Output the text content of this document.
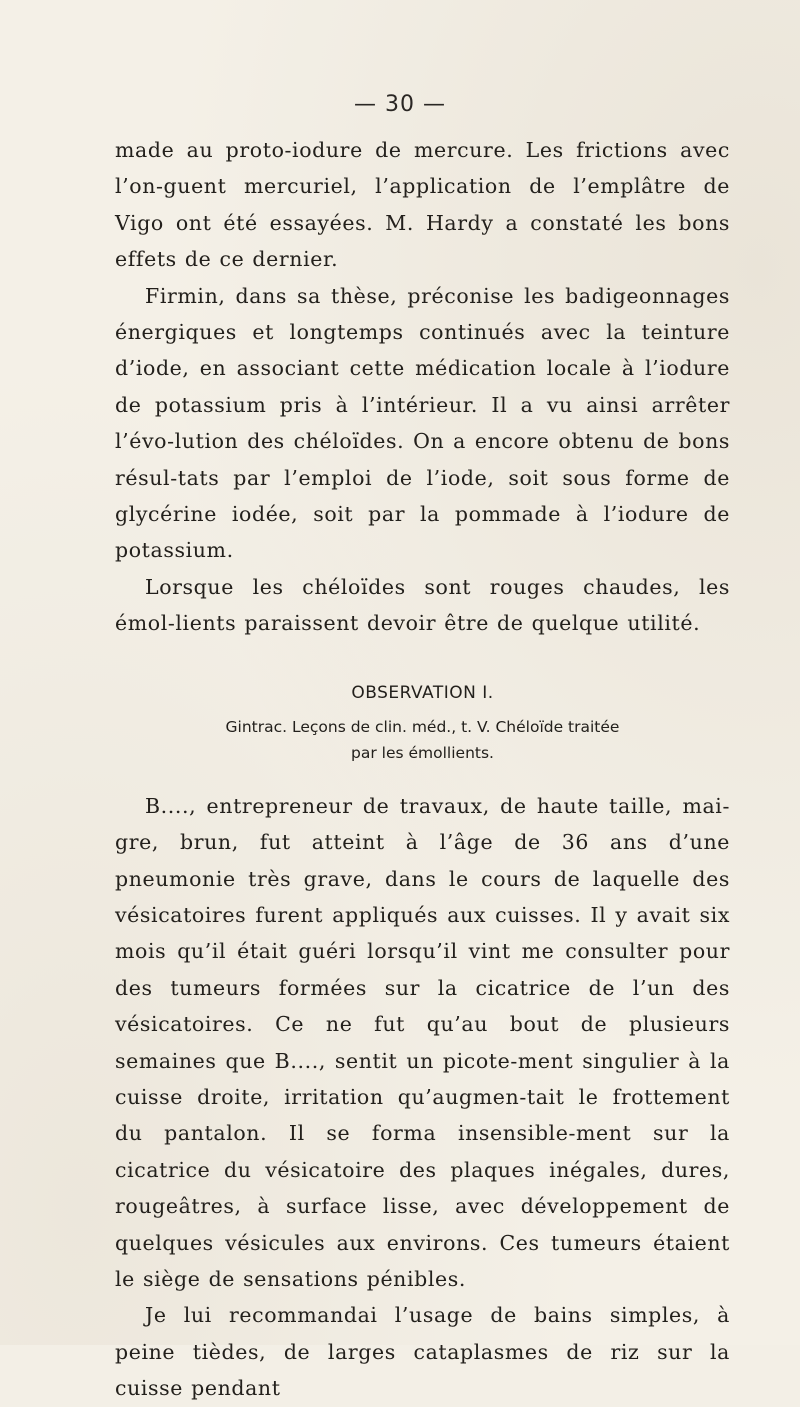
— 30 —

made au proto-iodure de mercure. Les frictions avec l’on-guent mercuriel, l’application de l’emplâtre de Vigo ont été essayées. M. Hardy a constaté les bons effets de ce dernier.

Firmin, dans sa thèse, préconise les badigeonnages énergiques et longtemps continués avec la teinture d’iode, en associant cette médication locale à l’iodure de potassium pris à l’intérieur. Il a vu ainsi arrêter l’évo-lution des chéloïdes. On a encore obtenu de bons résul-tats par l’emploi de l’iode, soit sous forme de glycérine iodée, soit par la pommade à l’iodure de potassium.

Lorsque les chéloïdes sont rouges chaudes, les émol-lients paraissent devoir être de quelque utilité.

OBSERVATION I.
Gintrac. Leçons de clin. méd., t. V. Chéloïde traitée
par les émollients.

B...., entrepreneur de travaux, de haute taille, mai-gre, brun, fut atteint à l’âge de 36 ans d’une pneumonie très grave, dans le cours de laquelle des vésicatoires furent appliqués aux cuisses. Il y avait six mois qu’il était guéri lorsqu’il vint me consulter pour des tumeurs formées sur la cicatrice de l’un des vésicatoires. Ce ne fut qu’au bout de plusieurs semaines que B...., sentit un picote-ment singulier à la cuisse droite, irritation qu’augmen-tait le frottement du pantalon. Il se forma insensible-ment sur la cicatrice du vésicatoire des plaques inégales, dures, rougeâtres, à surface lisse, avec développement de quelques vésicules aux environs. Ces tumeurs étaient le siège de sensations pénibles.

Je lui recommandai l’usage de bains simples, à peine tièdes, de larges cataplasmes de riz sur la cuisse pendant
